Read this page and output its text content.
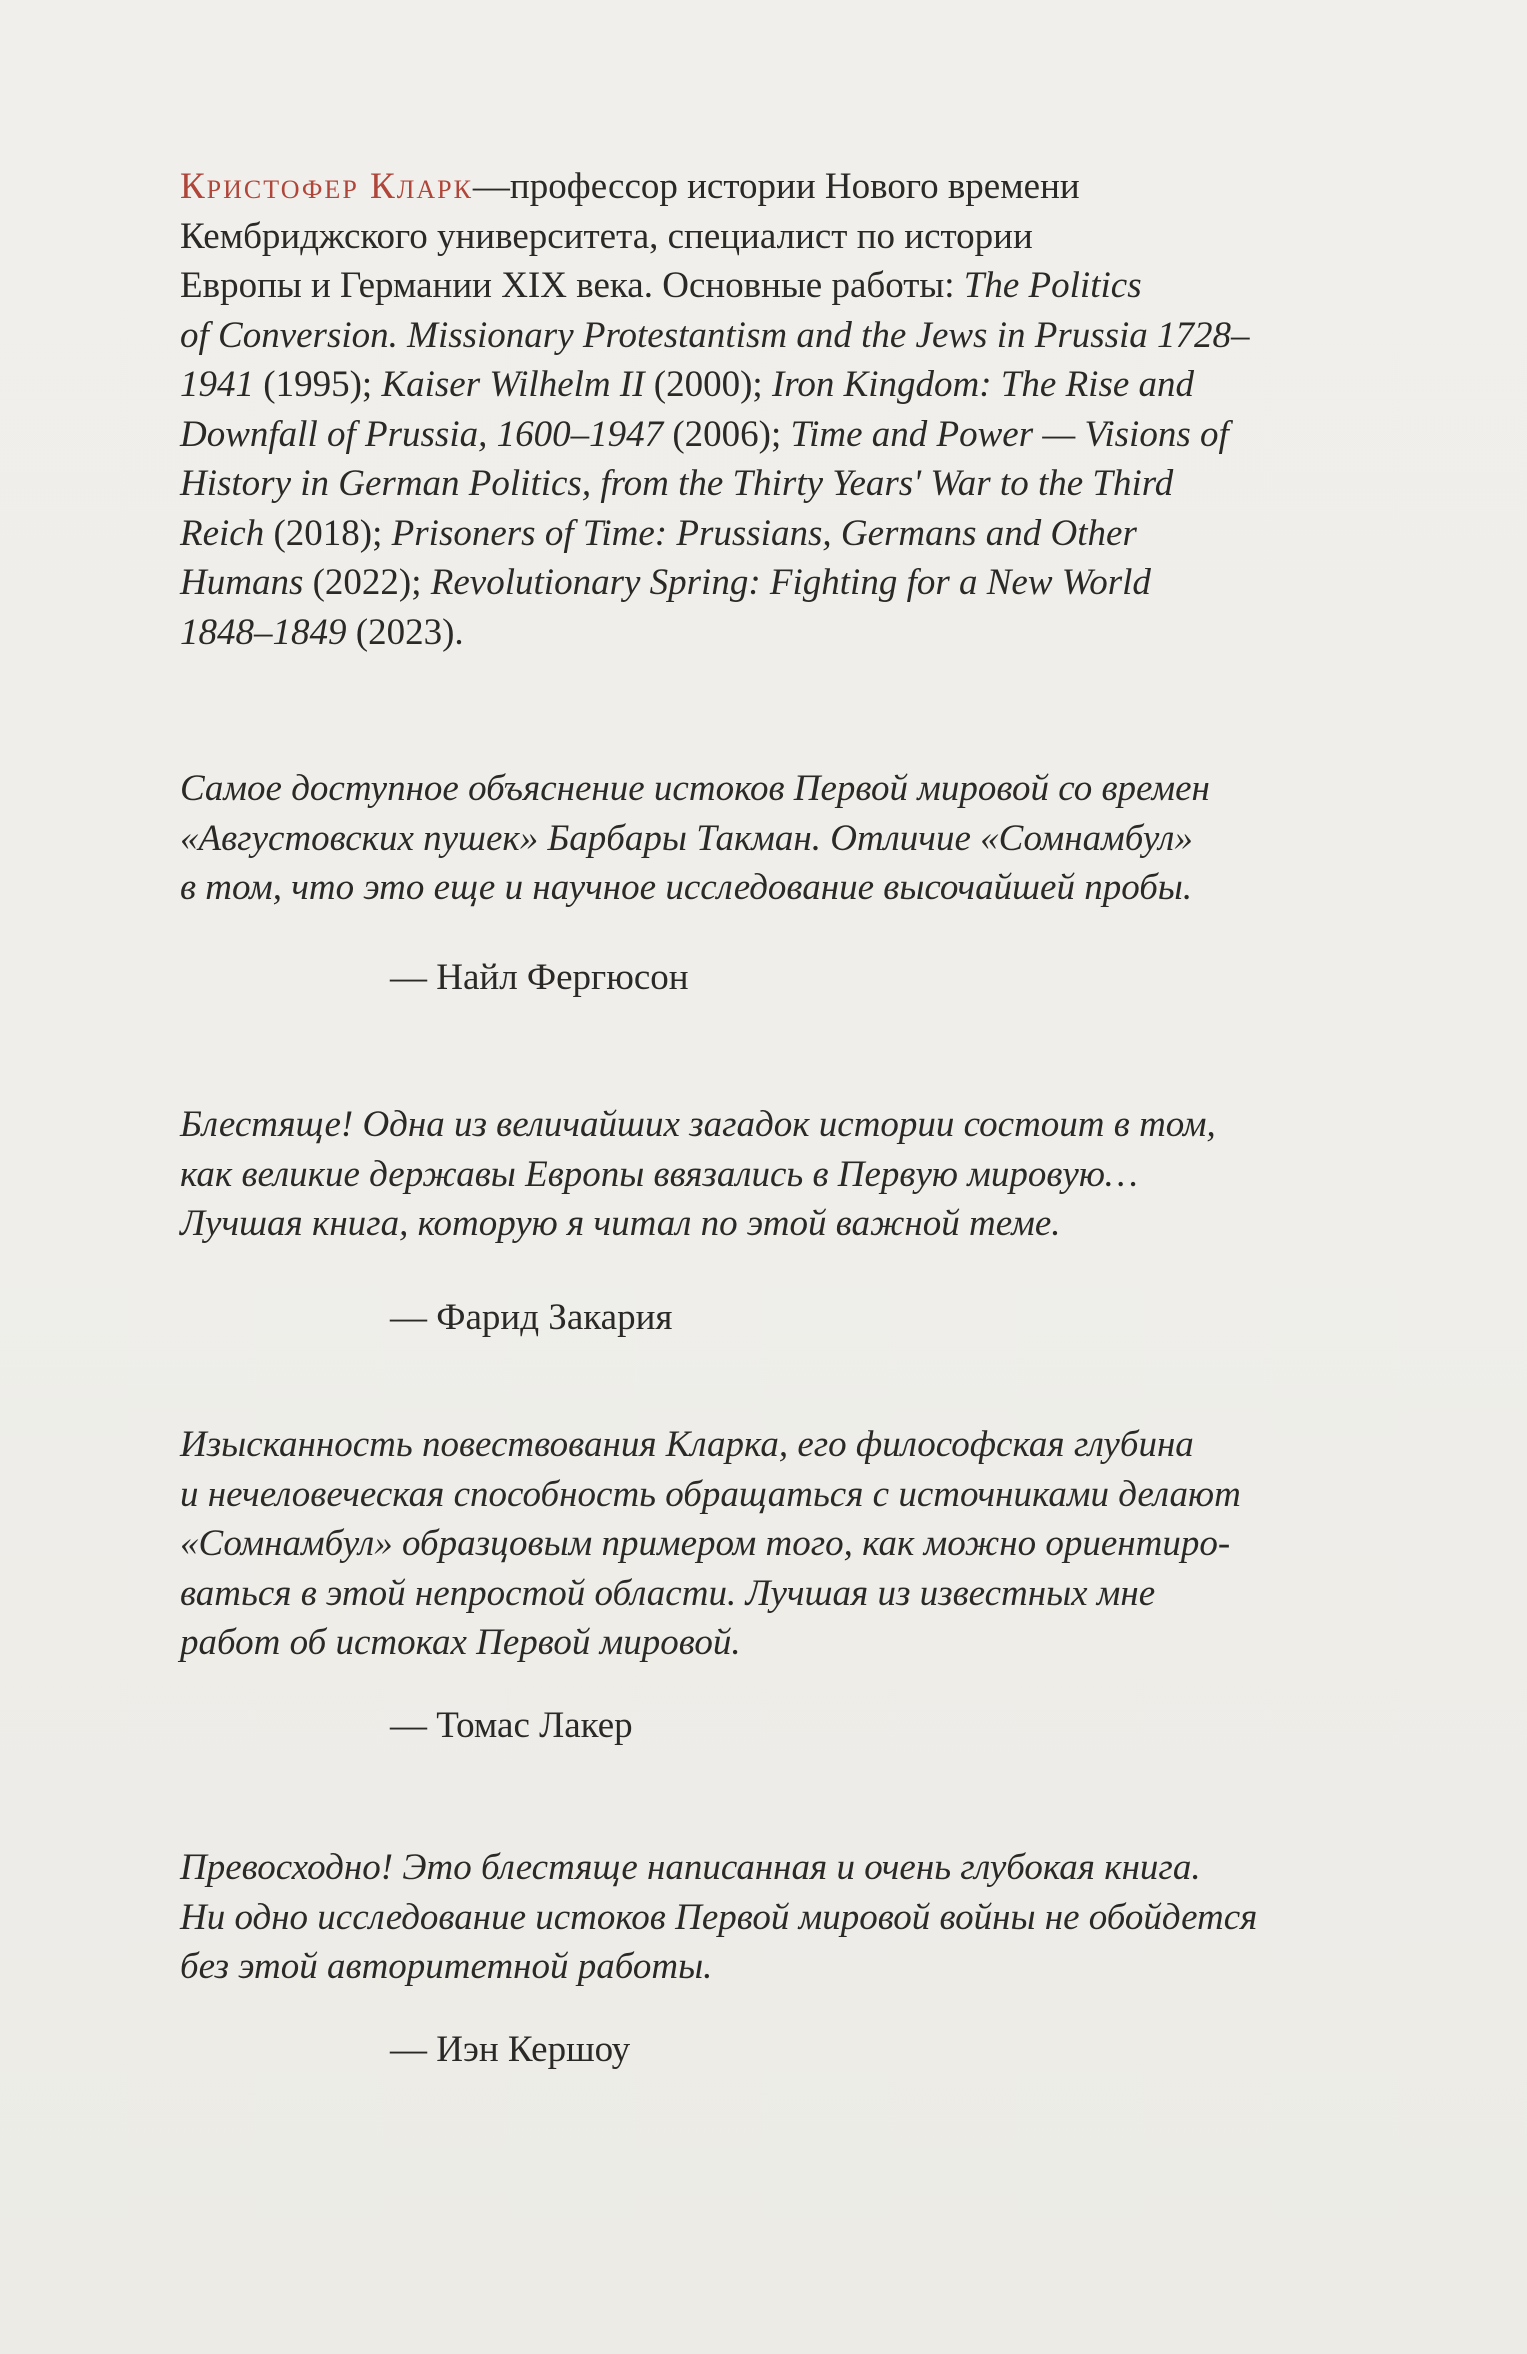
Кристофер Кларк—профессор истории Нового времени
Кембриджского университета, специалист по истории
Европы и Германии XIX века. Основные работы: The Politics
of Conversion. Missionary Protestantism and the Jews in Prussia 1728–
1941 (1995); Kaiser Wilhelm II (2000); Iron Kingdom: The Rise and
Downfall of Prussia, 1600–1947 (2006); Time and Power — Visions of
History in German Politics, from the Thirty Years' War to the Third
Reich (2018); Prisoners of Time: Prussians, Germans and Other
Humans (2022); Revolutionary Spring: Fighting for a New World
1848–1849 (2023).
Самое доступное объяснение истоков Первой мировой со времен
«Августовских пушек» Барбары Такман. Отличие «Сомнамбул»
в том, что это еще и научное исследование высочайшей пробы.
— Найл Фергюсон
Блестяще! Одна из величайших загадок истории состоит в том,
как великие державы Европы ввязались в Первую мировую…
Лучшая книга, которую я читал по этой важной теме.
— Фарид Закария
Изысканность повествования Кларка, его философская глубина
и нечеловеческая способность обращаться с источниками делают
«Сомнамбул» образцовым примером того, как можно ориентиро-
ваться в этой непростой области. Лучшая из известных мне
работ об истоках Первой мировой.
— Томас Лакер
Превосходно! Это блестяще написанная и очень глубокая книга.
Ни одно исследование истоков Первой мировой войны не обойдется
без этой авторитетной работы.
— Иэн Кершоу
